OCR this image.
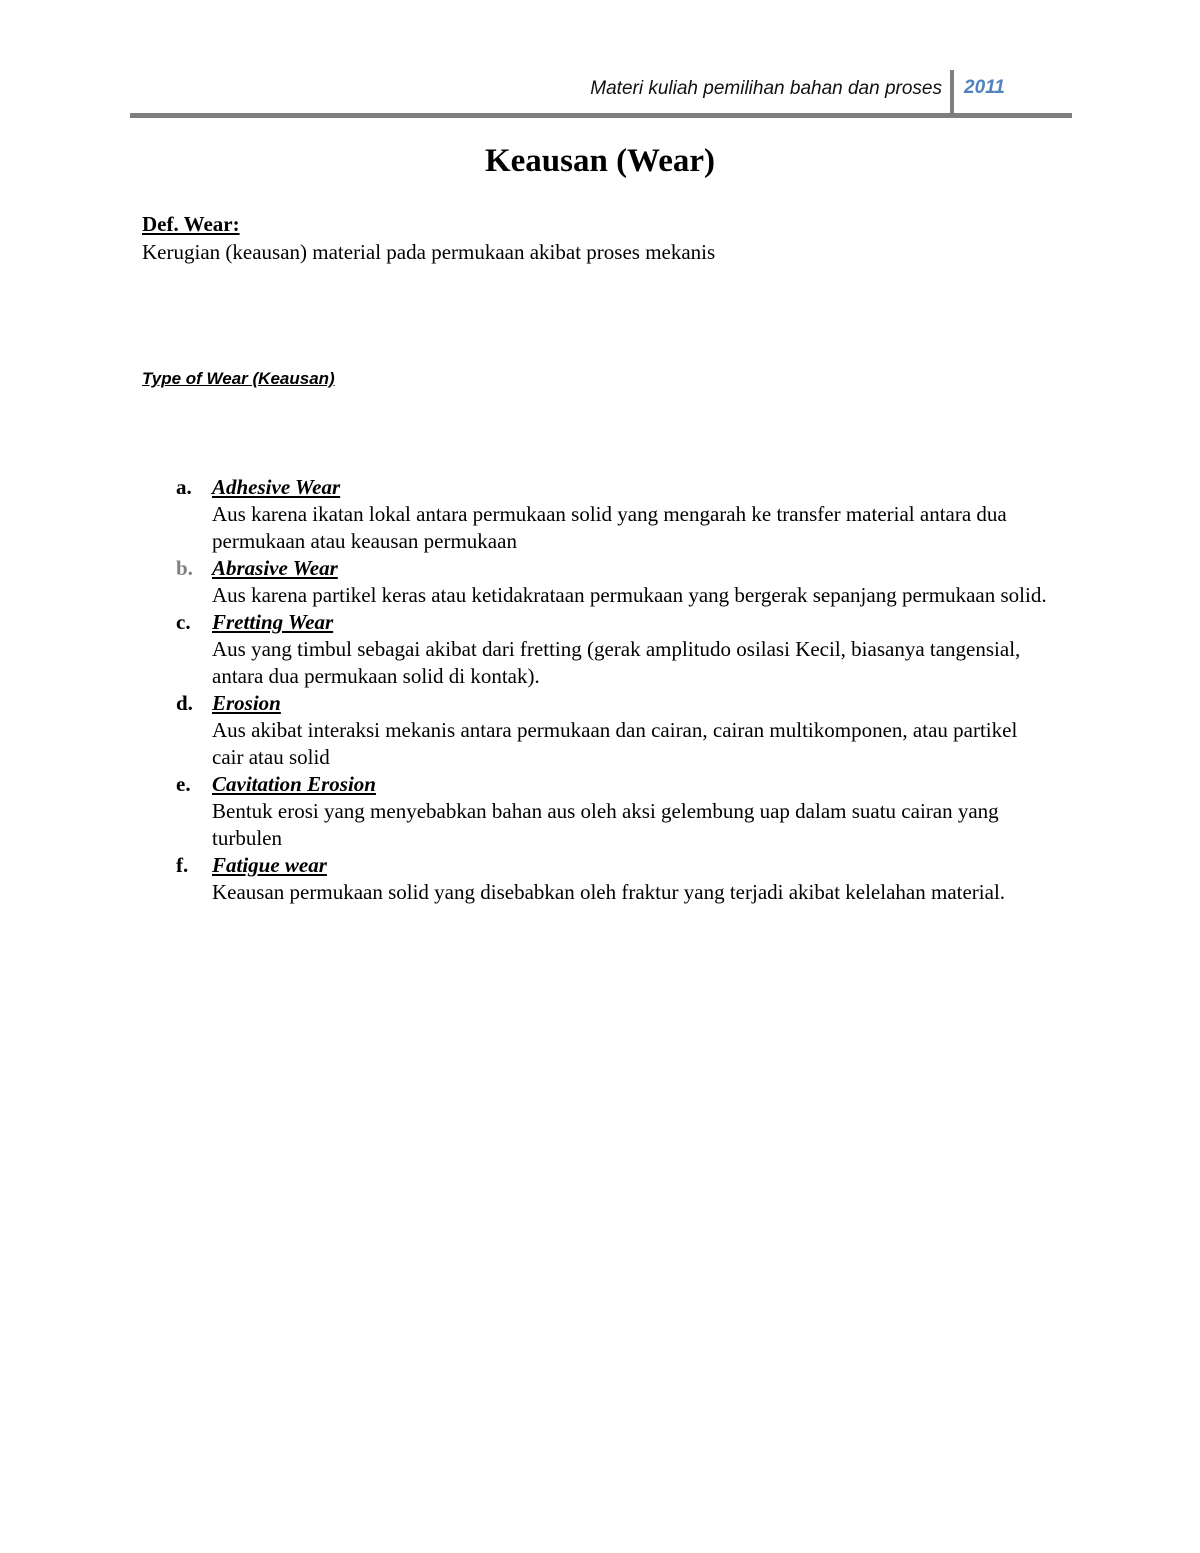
Materi kuliah pemilihan bahan dan proses 2011
Keausan (Wear)
Def. Wear:
Kerugian (keausan) material pada permukaan akibat proses mekanis
Type of Wear (Keausan)
a. Adhesive Wear
Aus karena ikatan lokal antara permukaan solid yang mengarah ke transfer material antara dua permukaan atau keausan permukaan
b. Abrasive Wear
Aus karena partikel keras atau ketidakrataan permukaan yang bergerak sepanjang permukaan solid.
c. Fretting Wear
Aus yang timbul sebagai akibat dari fretting (gerak amplitudo osilasi Kecil, biasanya tangensial, antara dua permukaan solid di kontak).
d. Erosion
Aus akibat interaksi mekanis antara permukaan dan cairan, cairan multikomponen, atau partikel cair atau solid
e. Cavitation Erosion
Bentuk erosi yang menyebabkan bahan aus oleh aksi gelembung uap dalam suatu cairan yang turbulen
f. Fatigue wear
Keausan permukaan solid yang disebabkan oleh fraktur yang terjadi akibat kelelahan material.
